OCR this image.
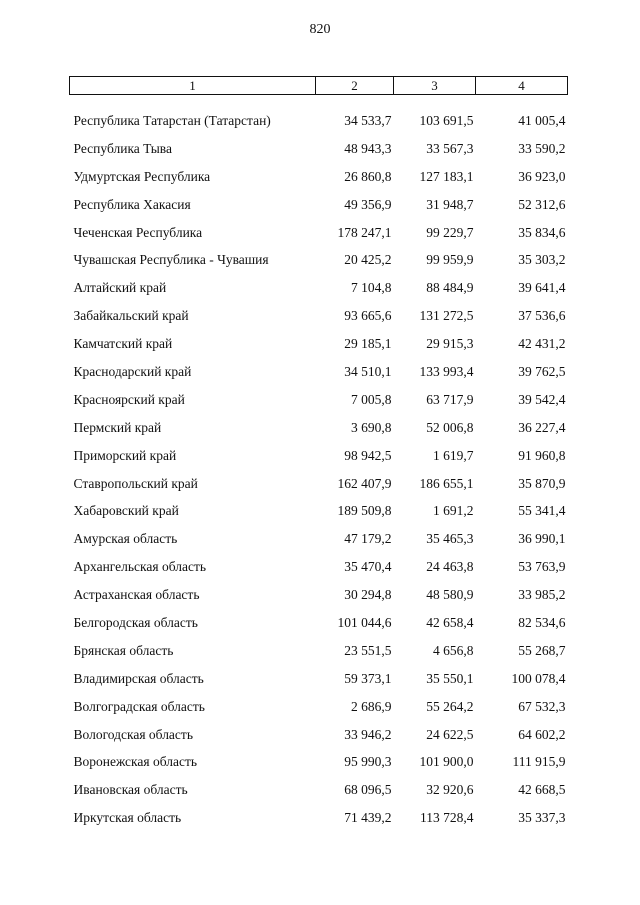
820
1	2	3	4
Республика Татарстан (Татарстан)	34 533,7	103 691,5	41 005,4
Республика Тыва	48 943,3	33 567,3	33 590,2
Удмуртская Республика	26 860,8	127 183,1	36 923,0
Республика Хакасия	49 356,9	31 948,7	52 312,6
Чеченская Республика	178 247,1	99 229,7	35 834,6
Чувашская Республика - Чувашия	20 425,2	99 959,9	35 303,2
Алтайский край	7 104,8	88 484,9	39 641,4
Забайкальский край	93 665,6	131 272,5	37 536,6
Камчатский край	29 185,1	29 915,3	42 431,2
Краснодарский край	34 510,1	133 993,4	39 762,5
Красноярский край	7 005,8	63 717,9	39 542,4
Пермский край	3 690,8	52 006,8	36 227,4
Приморский край	98 942,5	1 619,7	91 960,8
Ставропольский край	162 407,9	186 655,1	35 870,9
Хабаровский край	189 509,8	1 691,2	55 341,4
Амурская область	47 179,2	35 465,3	36 990,1
Архангельская область	35 470,4	24 463,8	53 763,9
Астраханская область	30 294,8	48 580,9	33 985,2
Белгородская область	101 044,6	42 658,4	82 534,6
Брянская область	23 551,5	4 656,8	55 268,7
Владимирская область	59 373,1	35 550,1	100 078,4
Волгоградская область	2 686,9	55 264,2	67 532,3
Вологодская область	33 946,2	24 622,5	64 602,2
Воронежская область	95 990,3	101 900,0	111 915,9
Ивановская область	68 096,5	32 920,6	42 668,5
Иркутская область	71 439,2	113 728,4	35 337,3
